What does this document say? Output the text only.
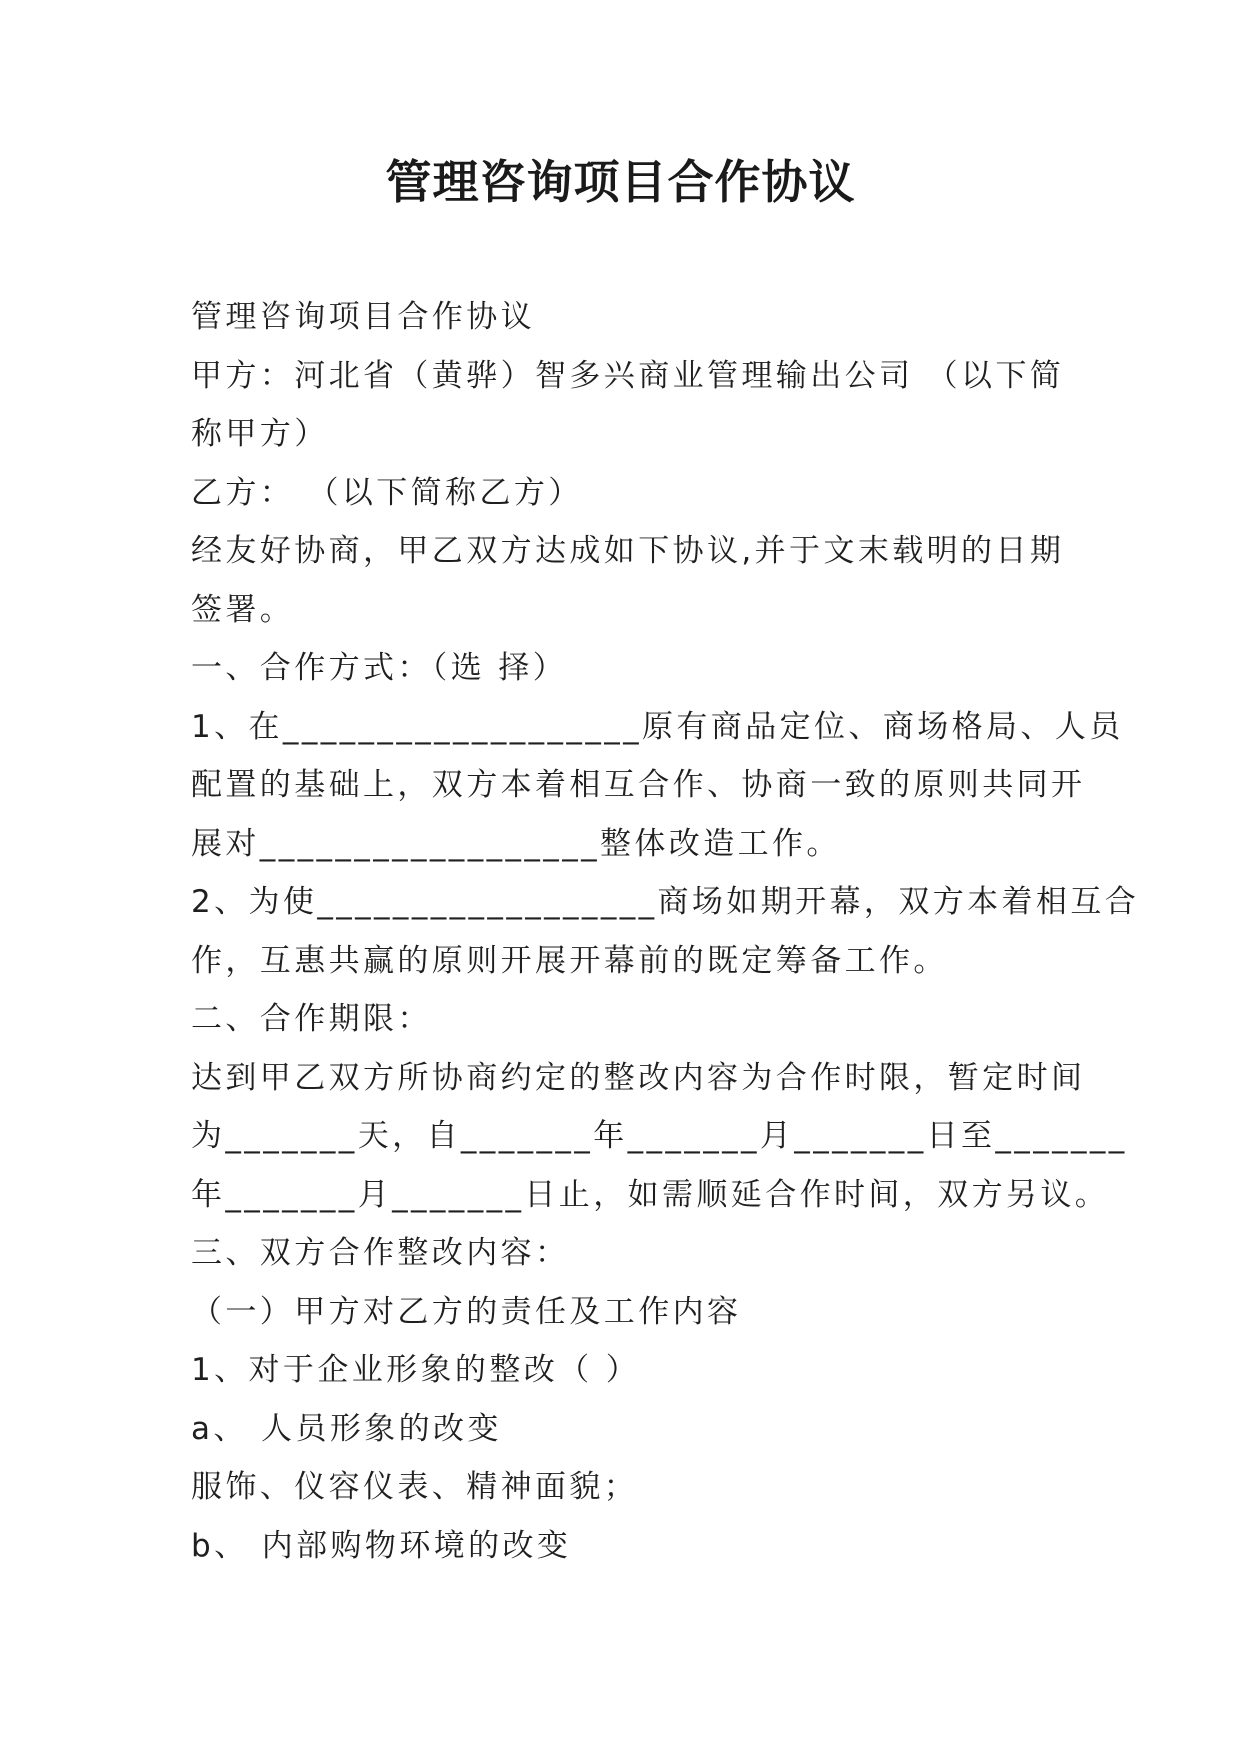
管理咨询项目合作协议
管理咨询项目合作协议
甲方：河北省（黄骅）智多兴商业管理输出公司 （以下简
称甲方）
乙方： （以下简称乙方）
经友好协商，甲乙双方达成如下协议,并于文末载明的日期
签署。
一、合作方式：（选 择）
1、在___________________原有商品定位、商场格局、人员
配置的基础上，双方本着相互合作、协商一致的原则共同开
展对__________________整体改造工作。
2、为使__________________商场如期开幕，双方本着相互合
作，互惠共赢的原则开展开幕前的既定筹备工作。
二、合作期限：
达到甲乙双方所协商约定的整改内容为合作时限，暂定时间
为_______天，自_______年_______月_______日至_______
年_______月_______日止，如需顺延合作时间，双方另议。
三、双方合作整改内容：
（一）甲方对乙方的责任及工作内容
1、对于企业形象的整改（ ）
a、 人员形象的改变
服饰、仪容仪表、精神面貌；
b、 内部购物环境的改变
